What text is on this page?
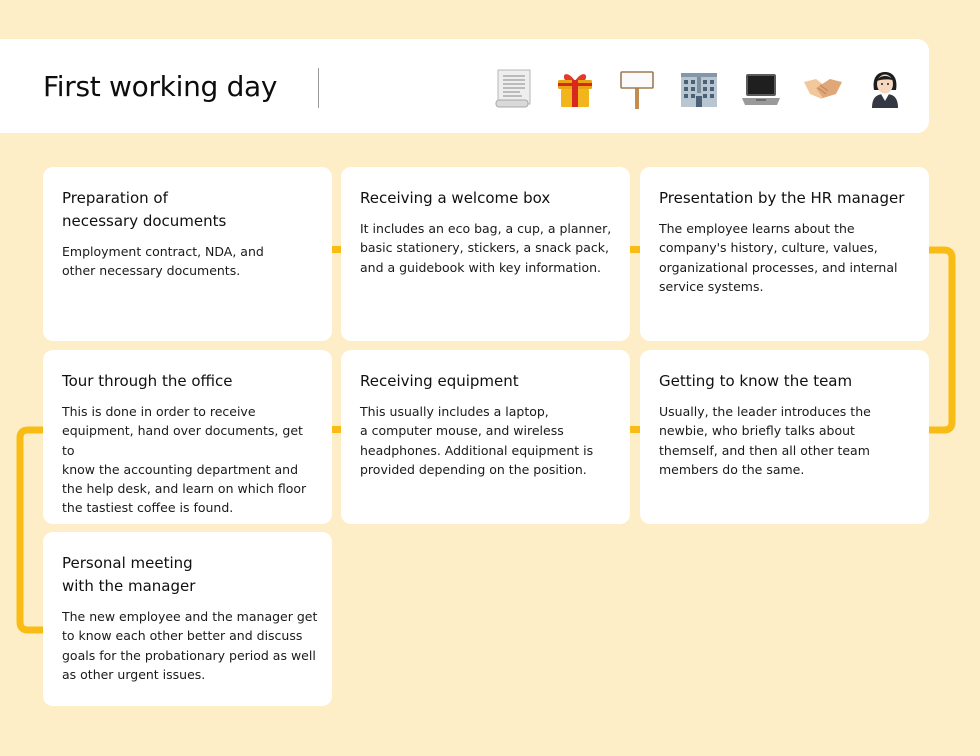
First working day

Preparation of
necessary documents

Employment contract, NDA, and
other necessary documents.

Receiving a welcome box

It includes an eco bag, a cup, a planner,
basic stationery, stickers, a snack pack,
and a guidebook with key information.

Presentation by the HR manager

The employee learns about the
company's history, culture, values,
organizational processes, and internal
service systems.

Tour through the office

This is done in order to receive
equipment, hand over documents, get to
know the accounting department and
the help desk, and learn on which floor
the tastiest coffee is found.

Receiving equipment

This usually includes a laptop,
a computer mouse, and wireless
headphones. Additional equipment is
provided depending on the position.

Getting to know the team

Usually, the leader introduces the
newbie, who briefly talks about
themself, and then all other team
members do the same.

Personal meeting
with the manager

The new employee and the manager get
to know each other better and discuss
goals for the probationary period as well
as other urgent issues.
